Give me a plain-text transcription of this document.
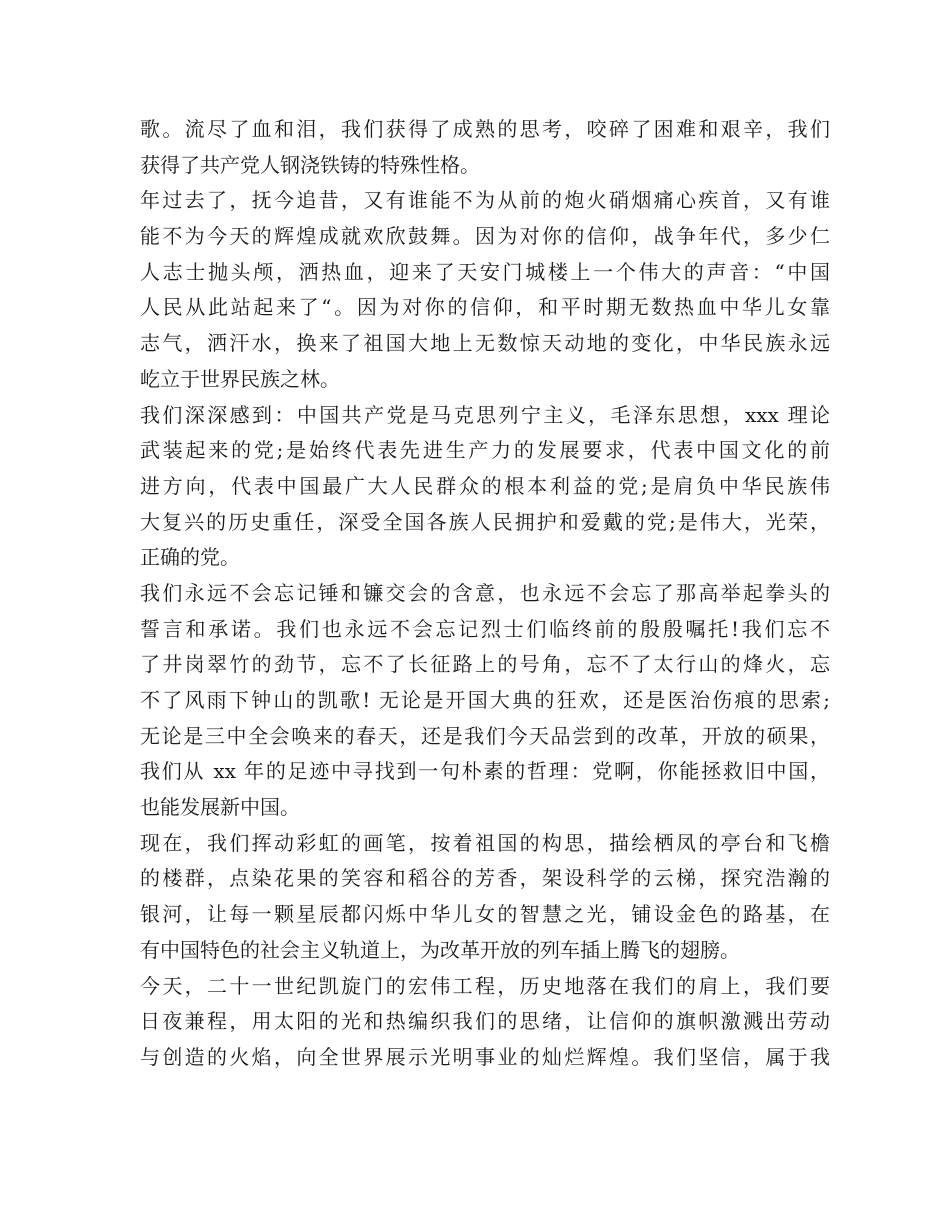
歌。流尽了血和泪，我们获得了成熟的思考，咬碎了困难和艰辛，我们
获得了共产党人钢浇铁铸的特殊性格。
年过去了，抚今追昔，又有谁能不为从前的炮火硝烟痛心疾首，又有谁
能不为今天的辉煌成就欢欣鼓舞。因为对你的信仰，战争年代，多少仁
人志士抛头颅，洒热血，迎来了天安门城楼上一个伟大的声音：“中国
人民从此站起来了“。因为对你的信仰，和平时期无数热血中华儿女靠
志气，洒汗水，换来了祖国大地上无数惊天动地的变化，中华民族永远
屹立于世界民族之林。
我们深深感到：中国共产党是马克思列宁主义，毛泽东思想，xxx 理论
武装起来的党;是始终代表先进生产力的发展要求，代表中国文化的前
进方向，代表中国最广大人民群众的根本利益的党;是肩负中华民族伟
大复兴的历史重任，深受全国各族人民拥护和爱戴的党;是伟大，光荣，
正确的党。
我们永远不会忘记锤和镰交会的含意，也永远不会忘了那高举起拳头的
誓言和承诺。我们也永远不会忘记烈士们临终前的殷殷嘱托!我们忘不
了井岗翠竹的劲节，忘不了长征路上的号角，忘不了太行山的烽火，忘
不了风雨下钟山的凯歌! 无论是开国大典的狂欢，还是医治伤痕的思索;
无论是三中全会唤来的春天，还是我们今天品尝到的改革，开放的硕果，
我们从 xx 年的足迹中寻找到一句朴素的哲理：党啊，你能拯救旧中国，
也能发展新中国。
现在，我们挥动彩虹的画笔，按着祖国的构思，描绘栖凤的亭台和飞檐
的楼群，点染花果的笑容和稻谷的芳香，架设科学的云梯，探究浩瀚的
银河，让每一颗星辰都闪烁中华儿女的智慧之光，铺设金色的路基，在
有中国特色的社会主义轨道上，为改革开放的列车插上腾飞的翅膀。
今天，二十一世纪凯旋门的宏伟工程，历史地落在我们的肩上，我们要
日夜兼程，用太阳的光和热编织我们的思绪，让信仰的旗帜激溅出劳动
与创造的火焰，向全世界展示光明事业的灿烂辉煌。我们坚信，属于我
